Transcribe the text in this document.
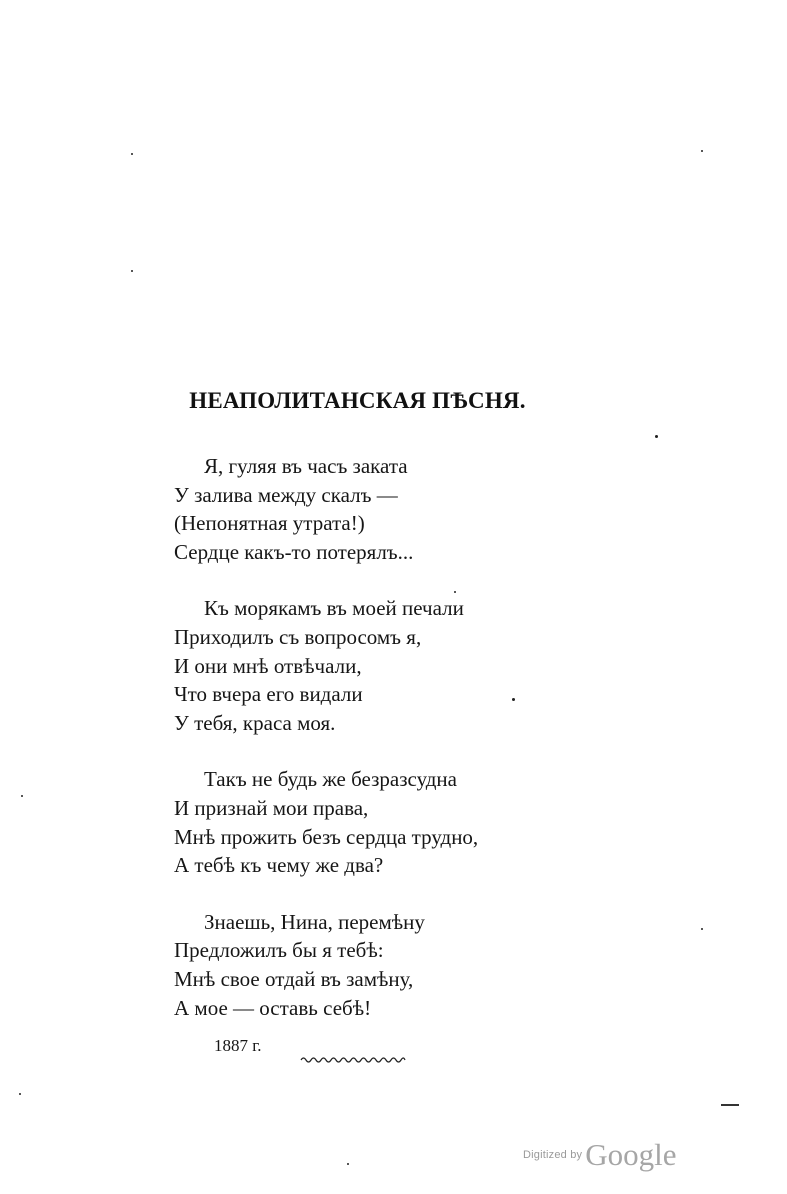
НЕАПОЛИТАНСКАЯ ПѢСНЯ.
Я, гуляя въ часъ заката
У залива между скалъ —
(Непонятная утрата!)
Сердце какъ-то потерялъ...
Къ морякамъ въ моей печали
Приходилъ съ вопросомъ я,
И они мнѣ отвѣчали,
Что вчера его видали
У тебя, краса моя.
Такъ не будь же безразсудна
И признай мои права,
Мнѣ прожить безъ сердца трудно,
А тебѣ къ чему же два?
Знаешь, Нина, перемѣну
Предложилъ бы я тебѣ:
Мнѣ свое отдай въ замѣну,
А мое — оставь себѣ!
1887 г.
Digitized byGoogle
